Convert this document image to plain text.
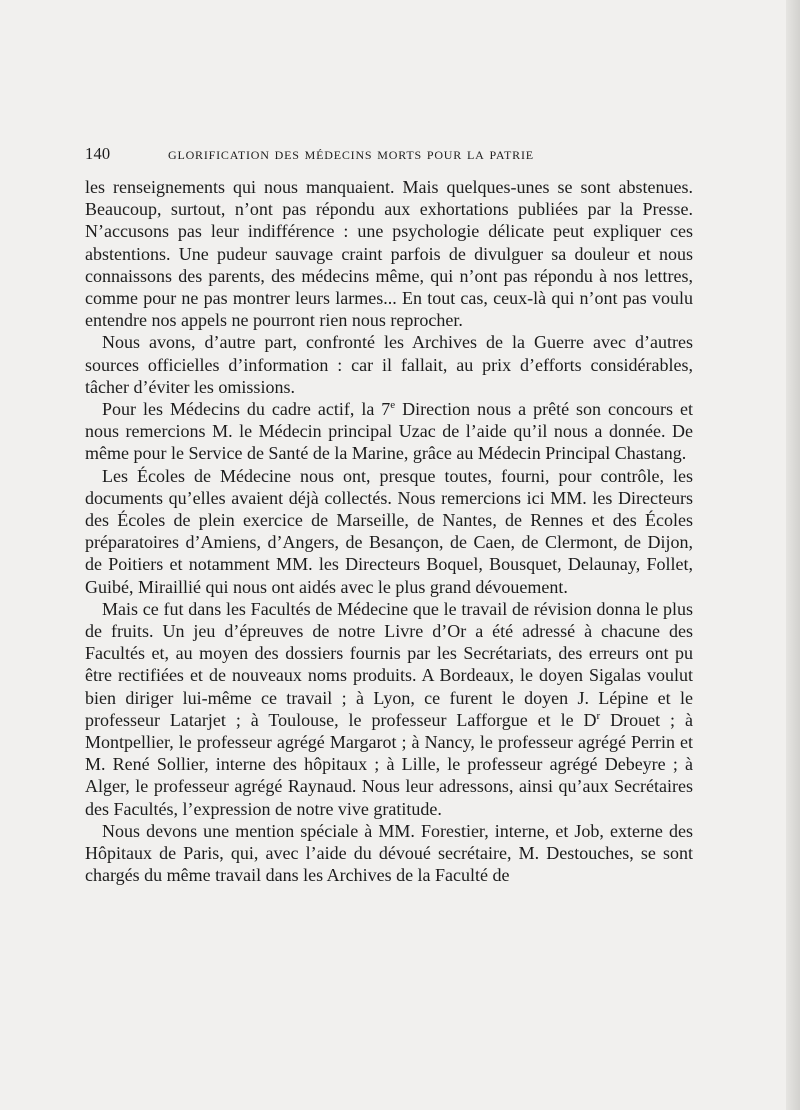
140	glorification des médecins morts pour la patrie

les renseignements qui nous manquaient. Mais quelques-unes se sont abstenues. Beaucoup, surtout, n’ont pas répondu aux exhortations publiées par la Presse. N’accusons pas leur indifférence : une psychologie délicate peut expliquer ces abstentions. Une pudeur sauvage craint parfois de divulguer sa douleur et nous connaissons des parents, des médecins même, qui n’ont pas répondu à nos lettres, comme pour ne pas montrer leurs larmes... En tout cas, ceux-là qui n’ont pas voulu entendre nos appels ne pourront rien nous reprocher.

Nous avons, d’autre part, confronté les Archives de la Guerre avec d’autres sources officielles d’information : car il fallait, au prix d’efforts considérables, tâcher d’éviter les omissions.

Pour les Médecins du cadre actif, la 7e Direction nous a prêté son concours et nous remercions M. le Médecin principal Uzac de l’aide qu’il nous a donnée. De même pour le Service de Santé de la Marine, grâce au Médecin Principal Chastang.

Les Écoles de Médecine nous ont, presque toutes, fourni, pour contrôle, les documents qu’elles avaient déjà collectés. Nous remercions ici MM. les Directeurs des Écoles de plein exercice de Marseille, de Nantes, de Rennes et des Écoles préparatoires d’Amiens, d’Angers, de Besançon, de Caen, de Clermont, de Dijon, de Poitiers et notamment MM. les Directeurs Boquel, Bousquet, Delaunay, Follet, Guibé, Miraillié qui nous ont aidés avec le plus grand dévouement.

Mais ce fut dans les Facultés de Médecine que le travail de révision donna le plus de fruits. Un jeu d’épreuves de notre Livre d’Or a été adressé à chacune des Facultés et, au moyen des dossiers fournis par les Secrétariats, des erreurs ont pu être rectifiées et de nouveaux noms produits. A Bordeaux, le doyen Sigalas voulut bien diriger lui-même ce travail ; à Lyon, ce furent le doyen J. Lépine et le professeur Latarjet ; à Toulouse, le professeur Lafforgue et le $D^r$ Drouet ; à Montpellier, le professeur agrégé Margarot ; à Nancy, le professeur agrégé Perrin et M. René Sollier, interne des hôpitaux ; à Lille, le professeur agrégé Debeyre ; à Alger, le professeur agrégé Raynaud. Nous leur adressons, ainsi qu’aux Secrétaires des Facultés, l’expression de notre vive gratitude.

Nous devons une mention spéciale à MM. Forestier, interne, et Job, externe des Hôpitaux de Paris, qui, avec l’aide du dévoué secrétaire, M. Destouches, se sont chargés du même travail dans les Archives de la Faculté de
